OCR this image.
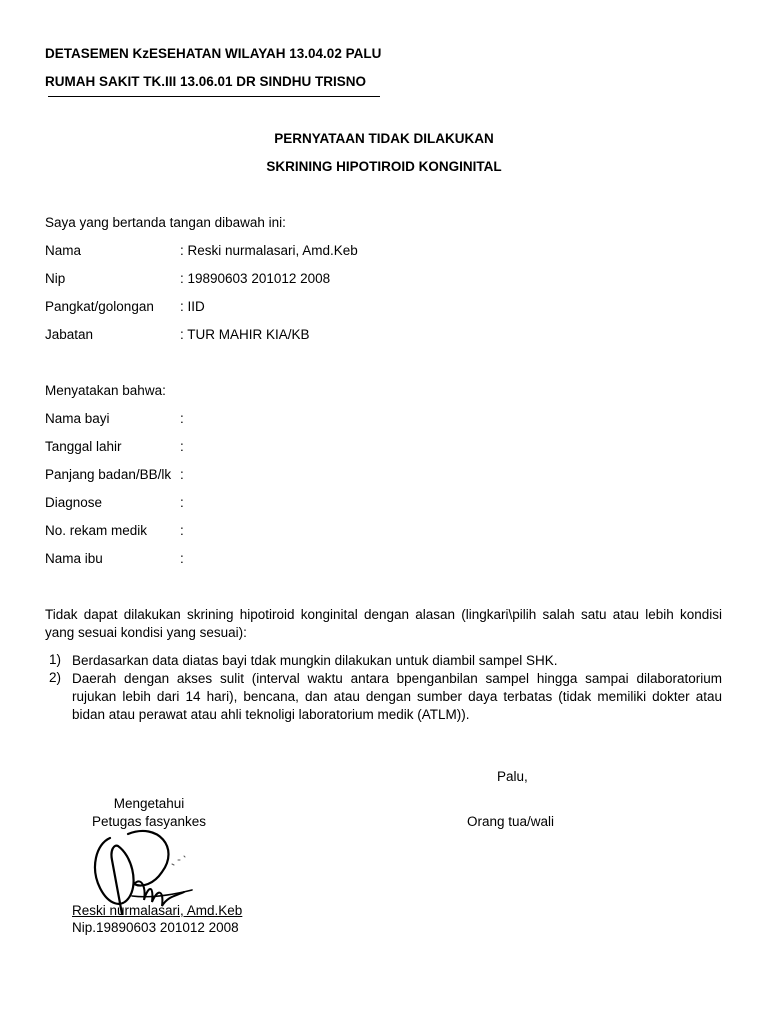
DETASEMEN KzESEHATAN WILAYAH 13.04.02 PALU
RUMAH SAKIT TK.III 13.06.01 DR SINDHU TRISNO
PERNYATAAN TIDAK DILAKUKAN
SKRINING HIPOTIROID KONGINITAL
Saya yang bertanda tangan dibawah ini:
Nama	: Reski nurmalasari, Amd.Keb
Nip	: 19890603 201012 2008
Pangkat/golongan : IID
Jabatan	: TUR MAHIR KIA/KB
Menyatakan bahwa:
Nama bayi	:
Tanggal lahir	:
Panjang badan/BB/lk :
Diagnose	:
No. rekam medik :
Nama ibu	:
Tidak dapat dilakukan skrining hipotiroid konginital dengan alasan (lingkari\pilih salah satu atau lebih kondisi yang sesuai kondisi yang sesuai):
1) Berdasarkan data diatas bayi tdak mungkin dilakukan untuk diambil sampel SHK.
2) Daerah dengan akses sulit (interval waktu antara bpenganbilan sampel hingga sampai dilaboratorium rujukan lebih dari 14 hari), bencana, dan atau dengan sumber daya terbatas (tidak memiliki dokter atau bidan atau perawat atau ahli teknoligi laboratorium medik (ATLM)).
Palu,
Mengetahui
Petugas fasyankes
Reski nurmalasari, Amd.Keb
Nip.19890603 201012 2008
Orang tua/wali
